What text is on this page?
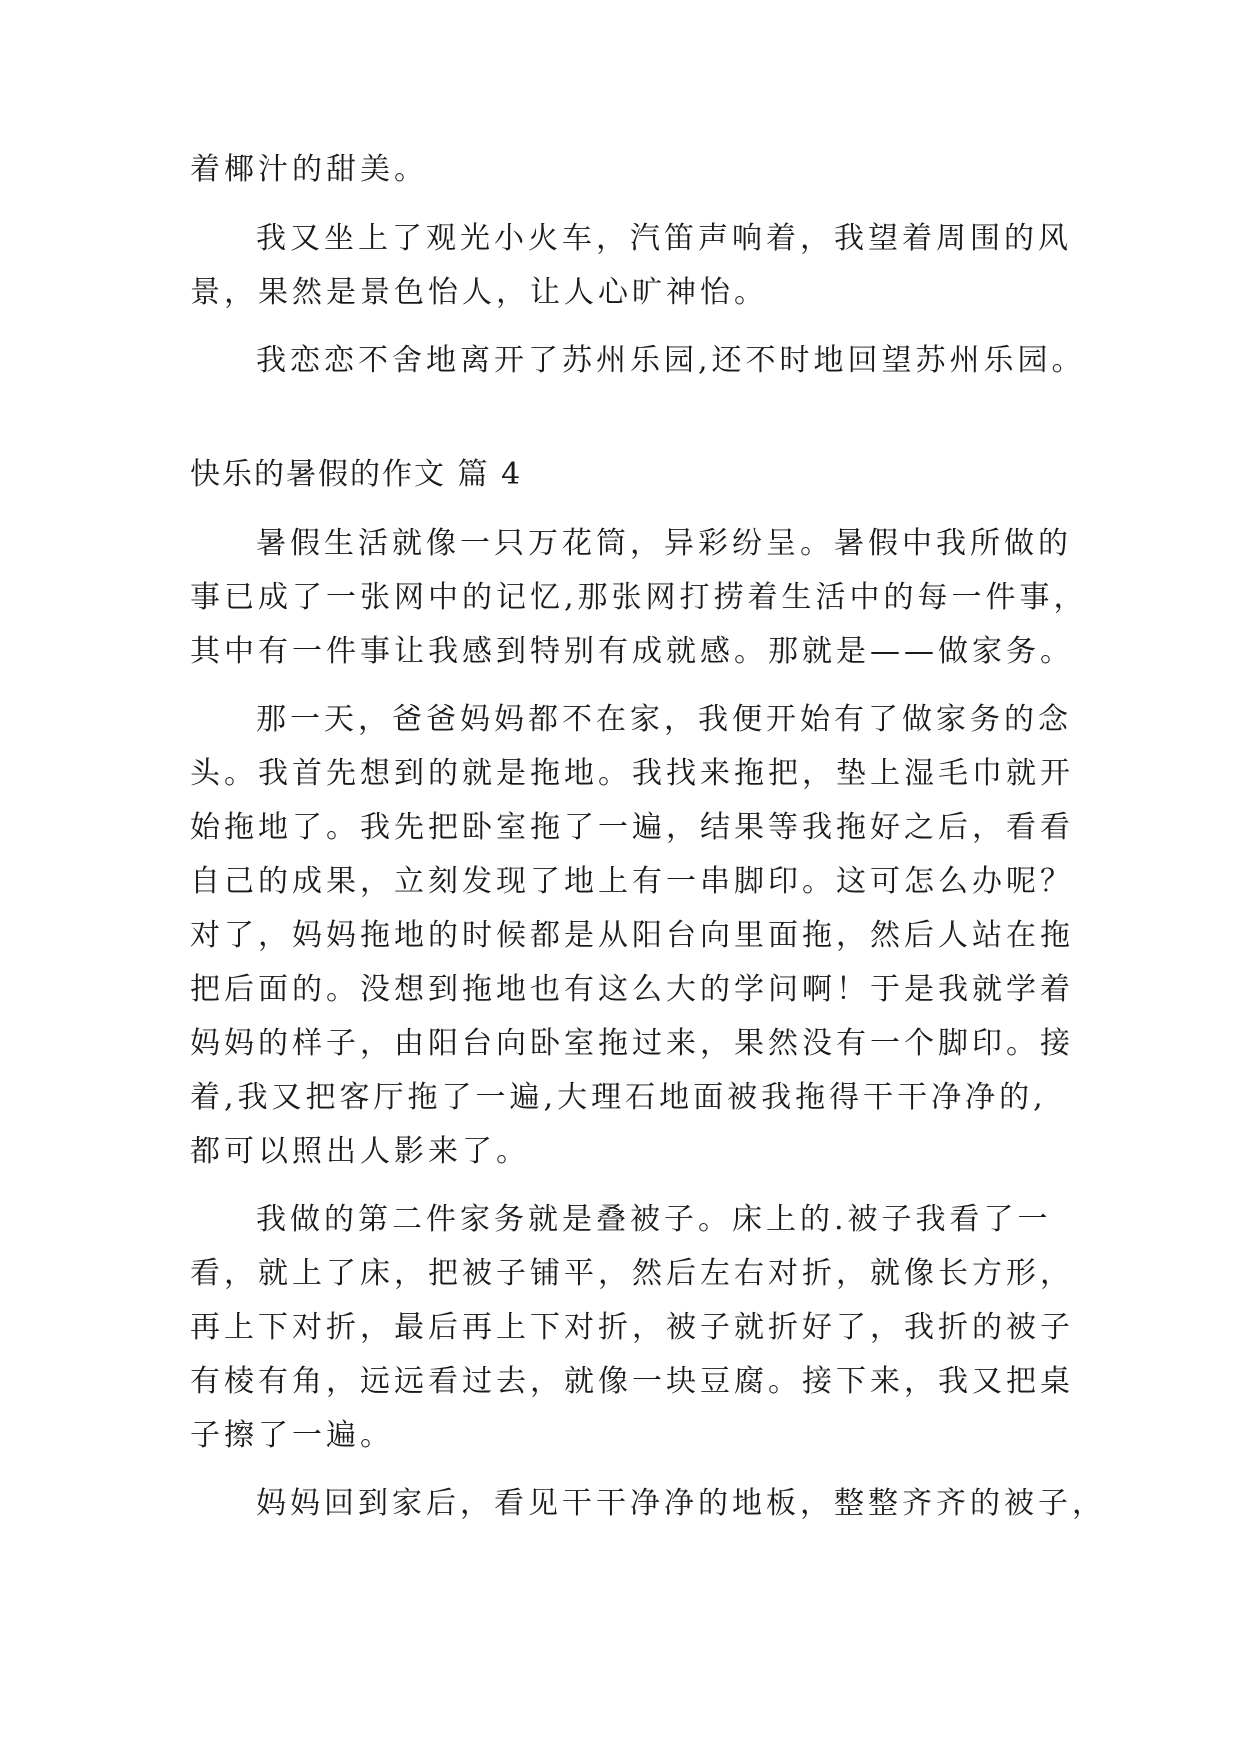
着椰汁的甜美。
我又坐上了观光小火车，汽笛声响着，我望着周围的风
景，果然是景色怡人，让人心旷神怡。
我恋恋不舍地离开了苏州乐园,还不时地回望苏州乐园。
快乐的暑假的作文 篇 4
暑假生活就像一只万花筒，异彩纷呈。暑假中我所做的
事已成了一张网中的记忆,那张网打捞着生活中的每一件事，
其中有一件事让我感到特别有成就感。那就是——做家务。
那一天，爸爸妈妈都不在家，我便开始有了做家务的念
头。我首先想到的就是拖地。我找来拖把，垫上湿毛巾就开
始拖地了。我先把卧室拖了一遍，结果等我拖好之后，看看
自己的成果，立刻发现了地上有一串脚印。这可怎么办呢？
对了，妈妈拖地的时候都是从阳台向里面拖，然后人站在拖
把后面的。没想到拖地也有这么大的学问啊！于是我就学着
妈妈的样子，由阳台向卧室拖过来，果然没有一个脚印。接
着,我又把客厅拖了一遍,大理石地面被我拖得干干净净的,
都可以照出人影来了。
我做的第二件家务就是叠被子。床上的.被子我看了一
看，就上了床，把被子铺平，然后左右对折，就像长方形，
再上下对折，最后再上下对折，被子就折好了，我折的被子
有棱有角，远远看过去，就像一块豆腐。接下来，我又把桌
子擦了一遍。
妈妈回到家后，看见干干净净的地板，整整齐齐的被子，
